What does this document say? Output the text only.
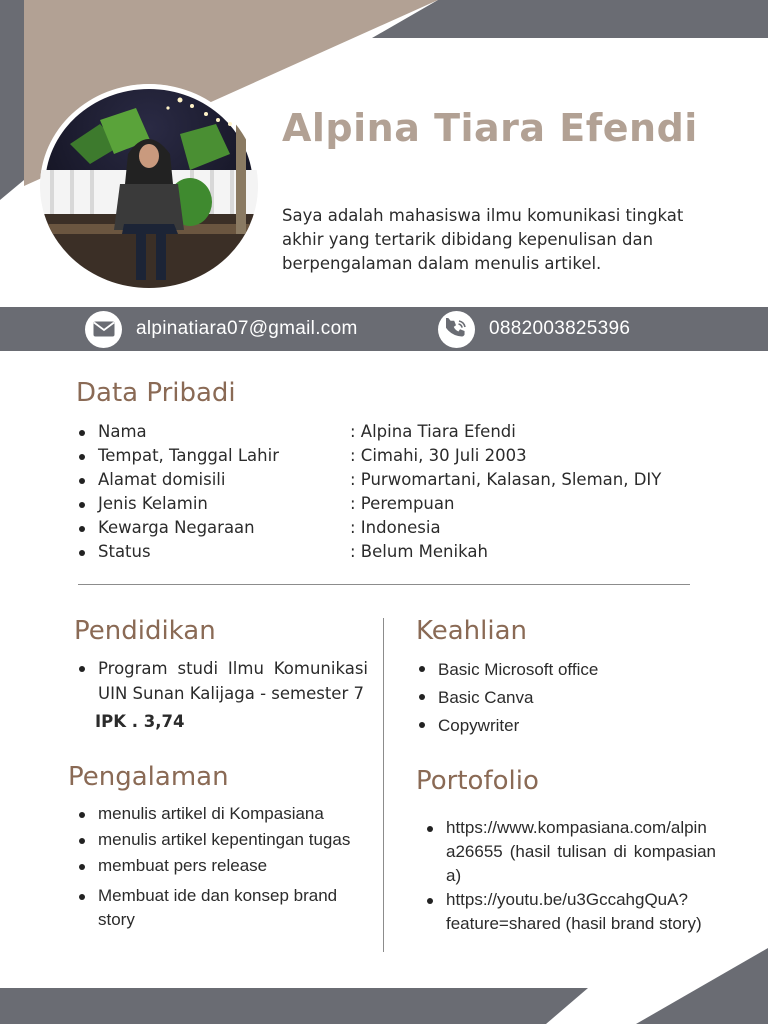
Alpina Tiara Efendi
Saya adalah mahasiswa ilmu komunikasi tingkat akhir yang tertarik dibidang kepenulisan dan berpengalaman dalam menulis artikel.
alpinatiara07@gmail.com	0882003825396
Data Pribadi
Nama	: Alpina Tiara Efendi
Tempat, Tanggal Lahir	: Cimahi, 30 Juli 2003
Alamat domisili	: Purwomartani, Kalasan, Sleman, DIY
Jenis Kelamin	: Perempuan
Kewarga Negaraan	: Indonesia
Status	: Belum Menikah
Pendidikan
Program studi Ilmu Komunikasi UIN Sunan Kalijaga - semester 7
IPK . 3,74
Pengalaman
menulis artikel di Kompasiana
menulis artikel kepentingan tugas
membuat pers release
Membuat ide dan konsep brand story
Keahlian
Basic Microsoft office
Basic Canva
Copywriter
Portofolio
https://www.kompasiana.com/alpina26655 (hasil tulisan di kompasiana)
https://youtu.be/u3GccahgQuA?feature=shared (hasil brand story)
